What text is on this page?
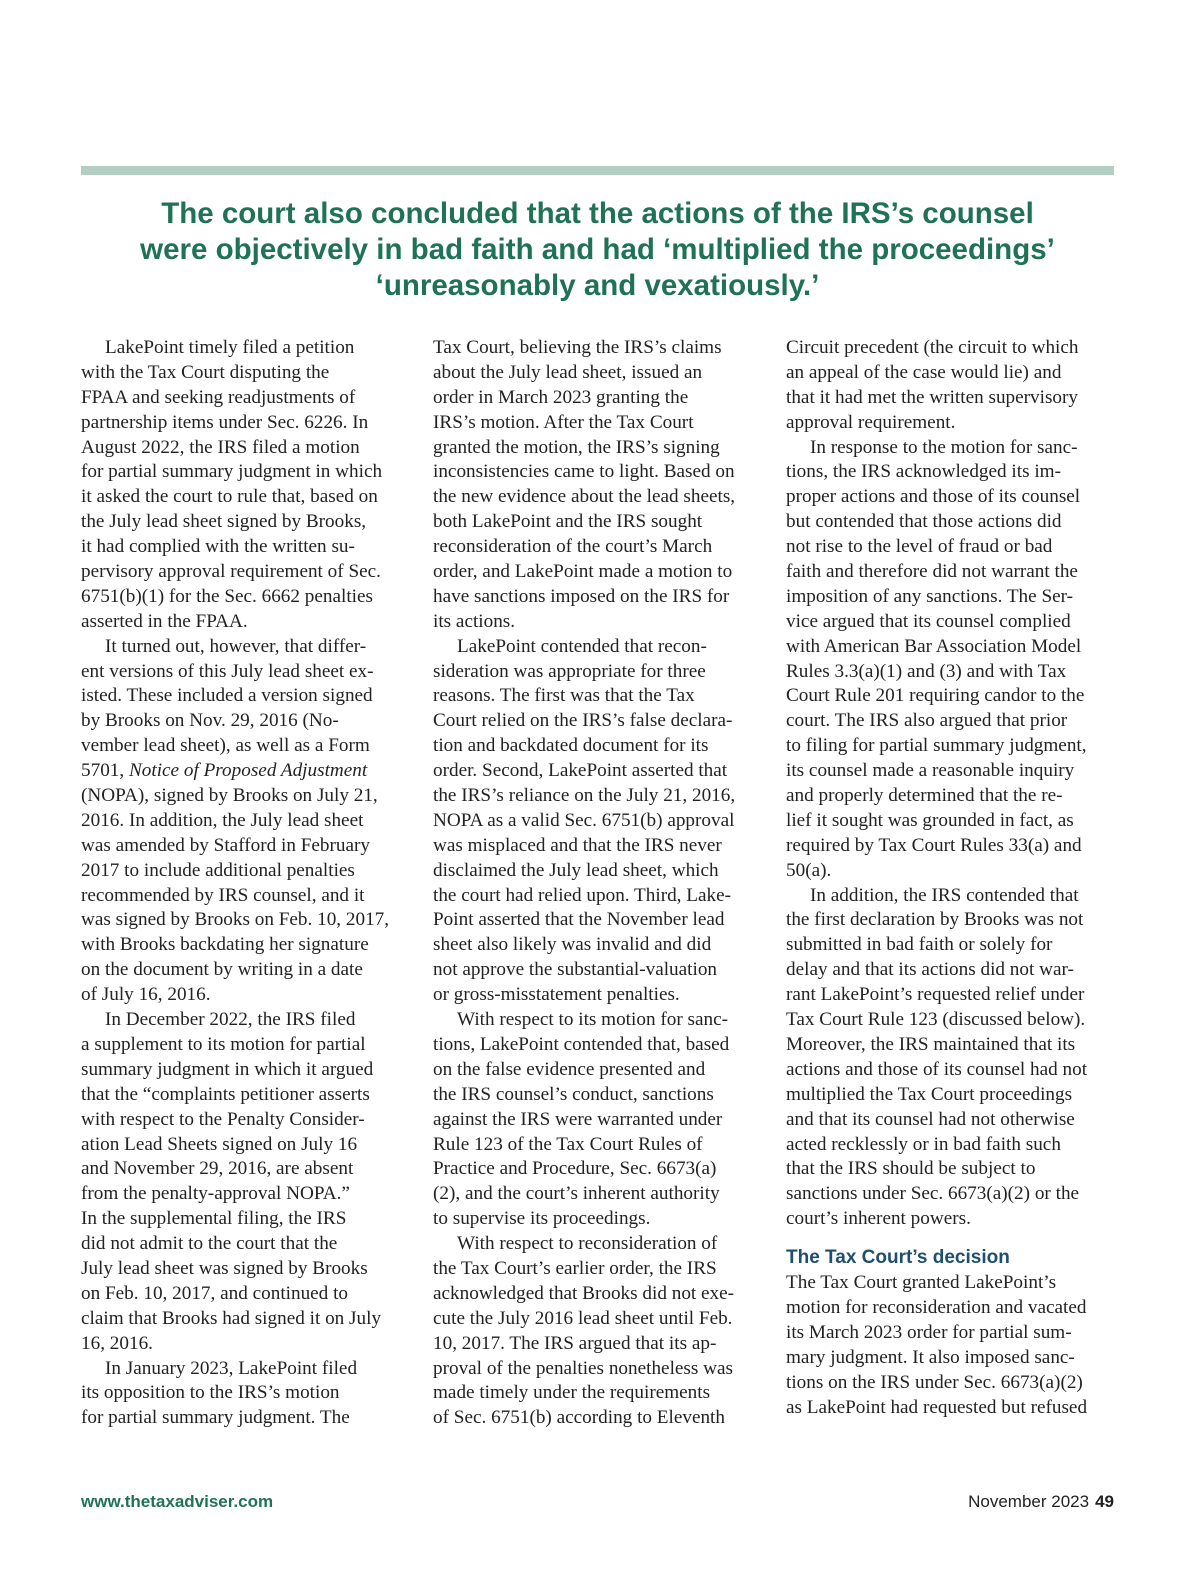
The court also concluded that the actions of the IRS’s counsel
were objectively in bad faith and had ‘multiplied the proceedings’
‘unreasonably and vexatiously.’
LakePoint timely filed a petition
with the Tax Court disputing the
FPAA and seeking readjustments of
partnership items under Sec. 6226. In
August 2022, the IRS filed a motion
for partial summary judgment in which
it asked the court to rule that, based on
the July lead sheet signed by Brooks,
it had complied with the written su-
pervisory approval requirement of Sec.
6751(b)(1) for the Sec. 6662 penalties
asserted in the FPAA.
It turned out, however, that differ-
ent versions of this July lead sheet ex-
isted. These included a version signed
by Brooks on Nov. 29, 2016 (No-
vember lead sheet), as well as a Form
5701, Notice of Proposed Adjustment
(NOPA), signed by Brooks on July 21,
2016. In addition, the July lead sheet
was amended by Stafford in February
2017 to include additional penalties
recommended by IRS counsel, and it
was signed by Brooks on Feb. 10, 2017,
with Brooks backdating her signature
on the document by writing in a date
of July 16, 2016.
In December 2022, the IRS filed
a supplement to its motion for partial
summary judgment in which it argued
that the “complaints petitioner asserts
with respect to the Penalty Consider-
ation Lead Sheets signed on July 16
and November 29, 2016, are absent
from the penalty-approval NOPA.”
In the supplemental filing, the IRS
did not admit to the court that the
July lead sheet was signed by Brooks
on Feb. 10, 2017, and continued to
claim that Brooks had signed it on July
16, 2016.
In January 2023, LakePoint filed
its opposition to the IRS’s motion
for partial summary judgment. The
Tax Court, believing the IRS’s claims
about the July lead sheet, issued an
order in March 2023 granting the
IRS’s motion. After the Tax Court
granted the motion, the IRS’s signing
inconsistencies came to light. Based on
the new evidence about the lead sheets,
both LakePoint and the IRS sought
reconsideration of the court’s March
order, and LakePoint made a motion to
have sanctions imposed on the IRS for
its actions.
LakePoint contended that recon-
sideration was appropriate for three
reasons. The first was that the Tax
Court relied on the IRS’s false declara-
tion and backdated document for its
order. Second, LakePoint asserted that
the IRS’s reliance on the July 21, 2016,
NOPA as a valid Sec. 6751(b) approval
was misplaced and that the IRS never
disclaimed the July lead sheet, which
the court had relied upon. Third, Lake-
Point asserted that the November lead
sheet also likely was invalid and did
not approve the substantial-valuation
or gross-misstatement penalties.
With respect to its motion for sanc-
tions, LakePoint contended that, based
on the false evidence presented and
the IRS counsel’s conduct, sanctions
against the IRS were warranted under
Rule 123 of the Tax Court Rules of
Practice and Procedure, Sec. 6673(a)
(2), and the court’s inherent authority
to supervise its proceedings.
With respect to reconsideration of
the Tax Court’s earlier order, the IRS
acknowledged that Brooks did not exe-
cute the July 2016 lead sheet until Feb.
10, 2017. The IRS argued that its ap-
proval of the penalties nonetheless was
made timely under the requirements
of Sec. 6751(b) according to Eleventh
Circuit precedent (the circuit to which
an appeal of the case would lie) and
that it had met the written supervisory
approval requirement.
In response to the motion for sanc-
tions, the IRS acknowledged its im-
proper actions and those of its counsel
but contended that those actions did
not rise to the level of fraud or bad
faith and therefore did not warrant the
imposition of any sanctions. The Ser-
vice argued that its counsel complied
with American Bar Association Model
Rules 3.3(a)(1) and (3) and with Tax
Court Rule 201 requiring candor to the
court. The IRS also argued that prior
to filing for partial summary judgment,
its counsel made a reasonable inquiry
and properly determined that the re-
lief it sought was grounded in fact, as
required by Tax Court Rules 33(a) and
50(a).
In addition, the IRS contended that
the first declaration by Brooks was not
submitted in bad faith or solely for
delay and that its actions did not war-
rant LakePoint’s requested relief under
Tax Court Rule 123 (discussed below).
Moreover, the IRS maintained that its
actions and those of its counsel had not
multiplied the Tax Court proceedings
and that its counsel had not otherwise
acted recklessly or in bad faith such
that the IRS should be subject to
sanctions under Sec. 6673(a)(2) or the
court’s inherent powers.
The Tax Court’s decision
The Tax Court granted LakePoint’s
motion for reconsideration and vacated
its March 2023 order for partial sum-
mary judgment. It also imposed sanc-
tions on the IRS under Sec. 6673(a)(2)
as LakePoint had requested but refused
www.thetaxadviser.com	November 2023 49
